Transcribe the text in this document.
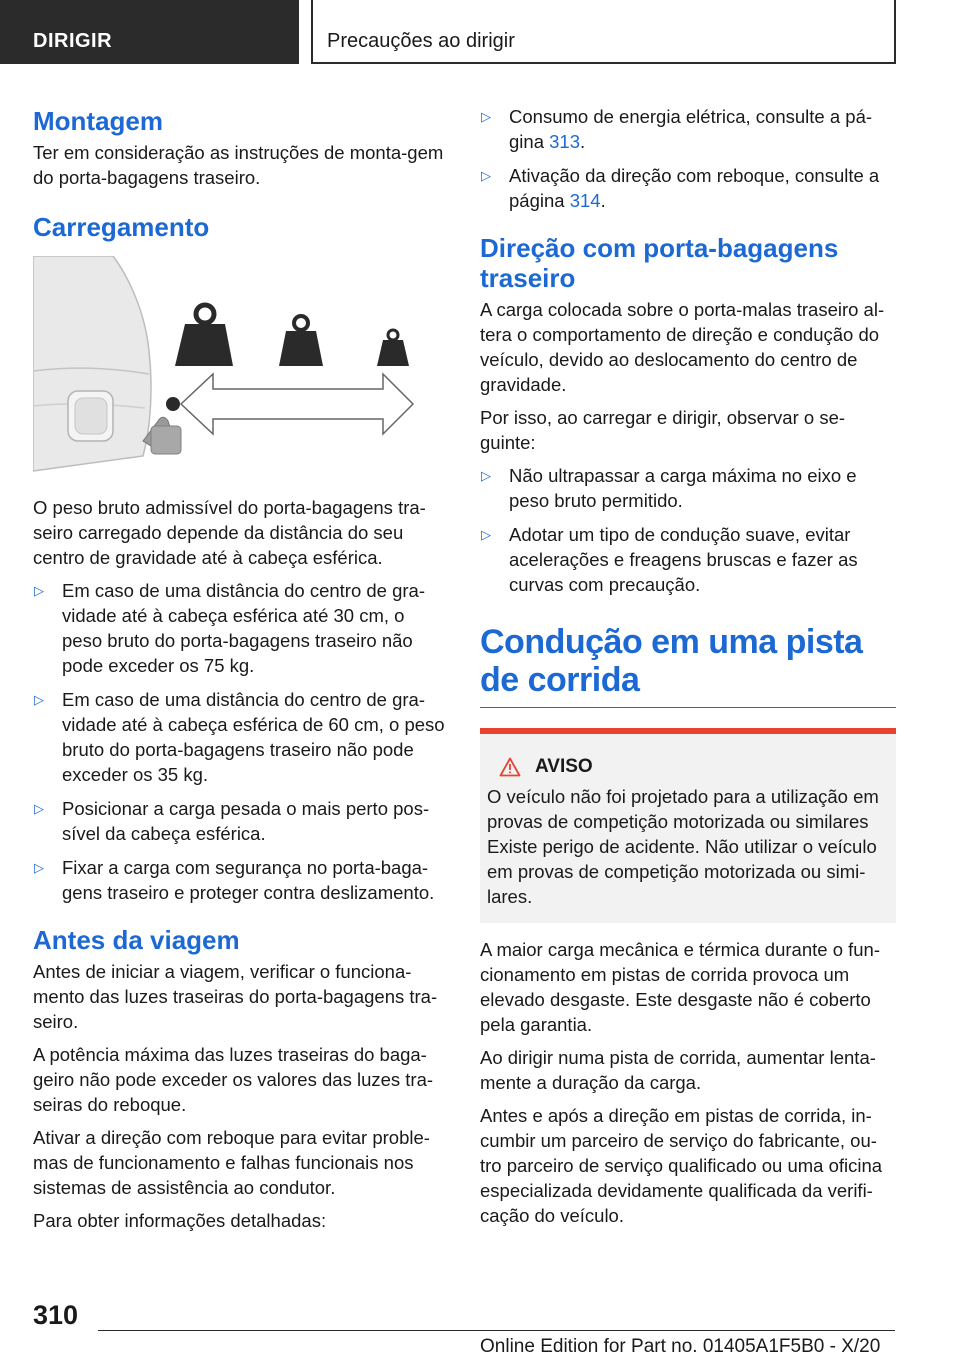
DIRIGIR	Precauções ao dirigir
Montagem

Ter em consideração as instruções de monta-gem do porta-bagagens traseiro.

Carregamento

O peso bruto admissível do porta-bagagens tra-seiro carregado depende da distância do seu centro de gravidade até à cabeça esférica.

▷ Em caso de uma distância do centro de gra-vidade até à cabeça esférica até 30 cm, o peso bruto do porta-bagagens traseiro não pode exceder os 75 kg.
▷ Em caso de uma distância do centro de gra-vidade até à cabeça esférica de 60 cm, o peso bruto do porta-bagagens traseiro não pode exceder os 35 kg.
▷ Posicionar a carga pesada o mais perto pos-sível da cabeça esférica.
▷ Fixar a carga com segurança no porta-baga-gens traseiro e proteger contra deslizamento.
Antes da viagem

Antes de iniciar a viagem, verificar o funciona-mento das luzes traseiras do porta-bagagens tra-seiro.

A potência máxima das luzes traseiras do baga-geiro não pode exceder os valores das luzes tra-seiras do reboque.

Ativar a direção com reboque para evitar proble-mas de funcionamento e falhas funcionais nos sistemas de assistência ao condutor.

Para obter informações detalhadas:

▷ Consumo de energia elétrica, consulte a pá-gina 313.
▷ Ativação da direção com reboque, consulte a página 314.
Direção com porta-bagagens traseiro

A carga colocada sobre o porta-malas traseiro al-tera o comportamento de direção e condução do veículo, devido ao deslocamento do centro de gravidade.

Por isso, ao carregar e dirigir, observar o se-guinte:

▷ Não ultrapassar a carga máxima no eixo e peso bruto permitido.
▷ Adotar um tipo de condução suave, evitar acelerações e freagens bruscas e fazer as curvas com precaução.
Condução em uma pista de corrida
AVISO

O veículo não foi projetado para a utilização em provas de competição motorizada ou similares Existe perigo de acidente. Não utilizar o veículo em provas de competição motorizada ou simi-lares.

A maior carga mecânica e térmica durante o fun-cionamento em pistas de corrida provoca um elevado desgaste. Este desgaste não é coberto pela garantia.

Ao dirigir numa pista de corrida, aumentar lenta-mente a duração da carga.

Antes e após a direção em pistas de corrida, in-cumbir um parceiro de serviço do fabricante, ou-tro parceiro de serviço qualificado ou uma oficina especializada devidamente qualificada da verifi-cação do veículo.

310
Online Edition for Part no. 01405A1F5B0 - X/20
